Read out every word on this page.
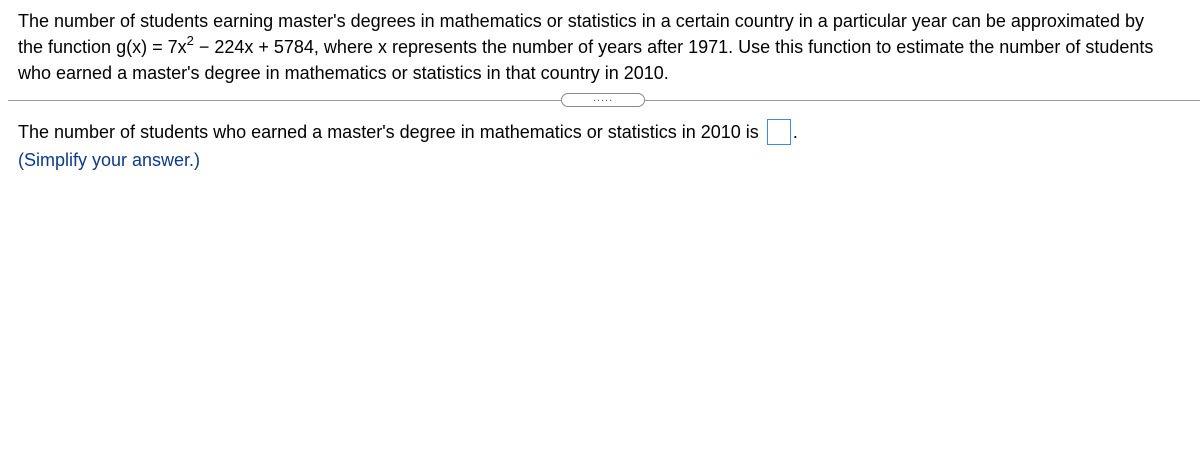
The number of students earning master's degrees in mathematics or statistics in a certain country in a particular year can be approximated by
the function $g(x) = 7x^2 - 224x + 5784$, where x represents the number of years after 1971. Use this function to estimate the number of students
who earned a master's degree in mathematics or statistics in that country in 2010.
.....
The number of students who earned a master's degree in mathematics or statistics in 2010 is .
(Simplify your answer.)
